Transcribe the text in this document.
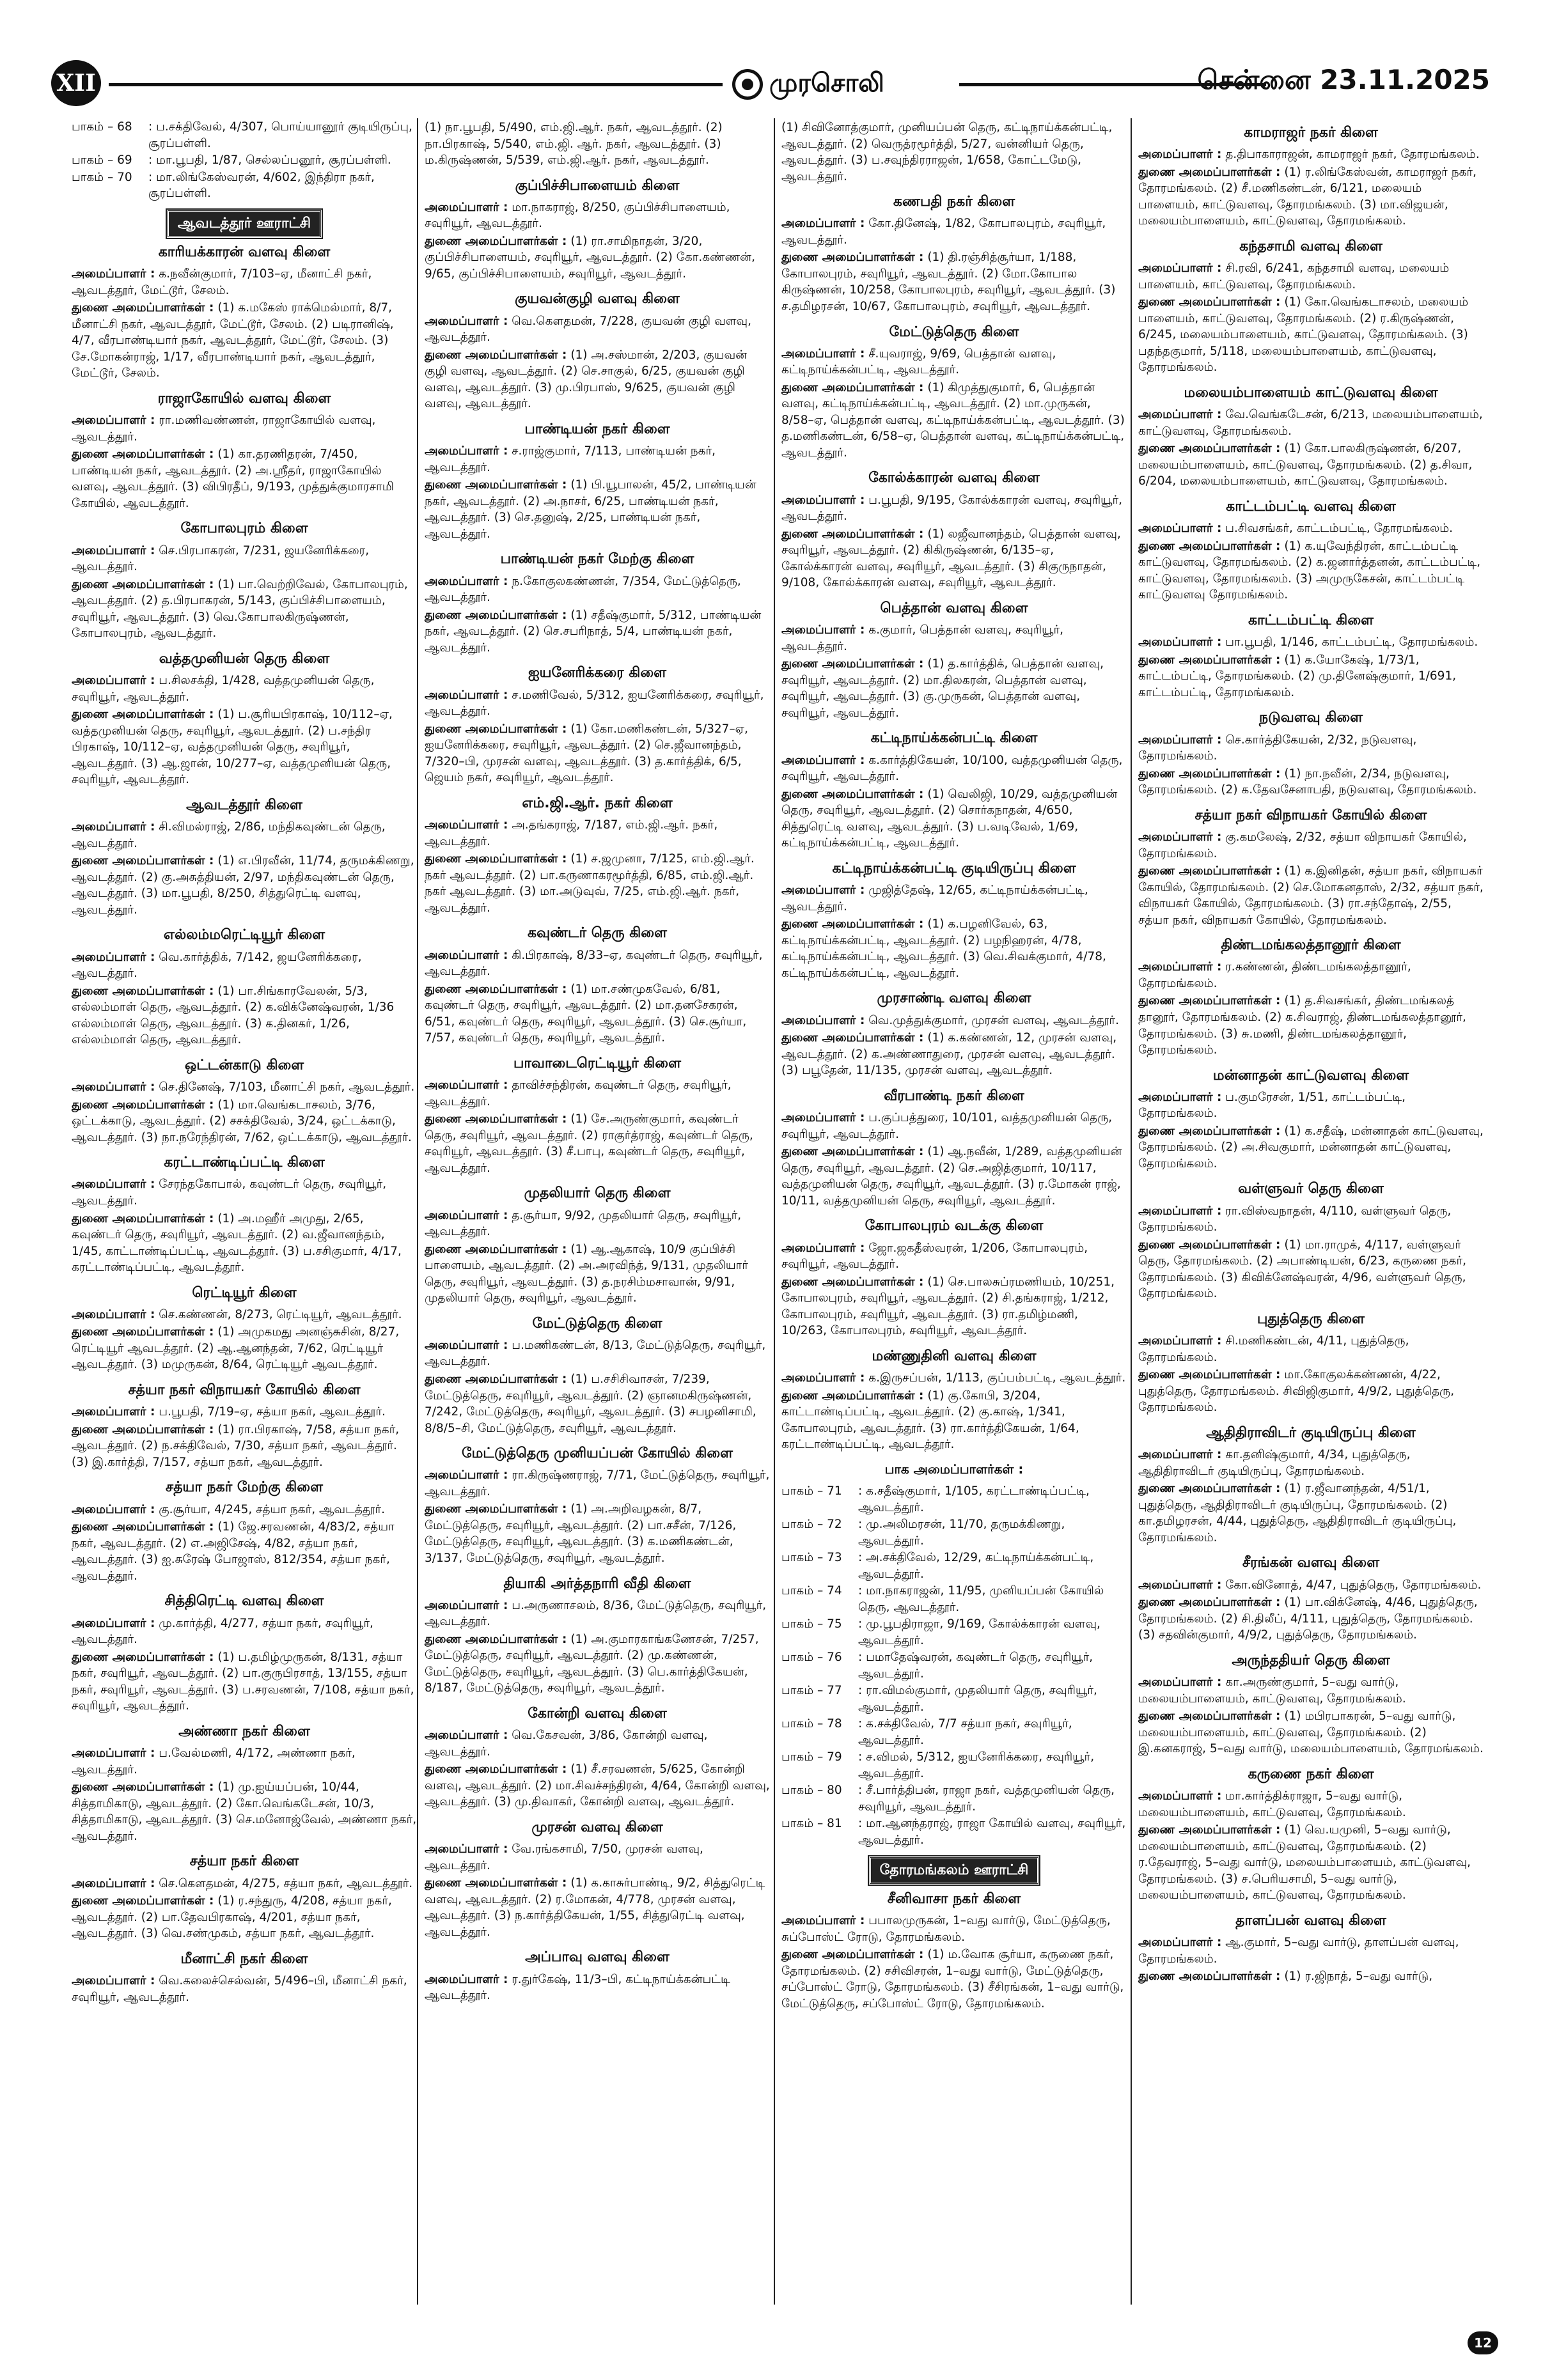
XII	முரசொலி	சென்னை 23.11.2025
பாகம் – 68	: ப.சக்திவேல், 4/307, பொய்யானூர் குடியிருப்பு, சூரப்பள்ளி.
பாகம் – 69	: மா.பூபதி, 1/87, செல்லப்பனூர், சூரப்பள்ளி.
பாகம் – 70	: மா.லிங்கேஸ்வரன், 4/602, இந்திரா நகர், சூரப்பள்ளி.
ஆவடத்தூர் ஊராட்சி
காரியக்காரன் வளவு கிளை
அமைப்பாளர் : க.நவீன்குமார், 7/103–ஏ, மீனாட்சி நகர், ஆவடத்தூர், மேட்டூர், சேலம்.
துணை அமைப்பாளர்கள் : (1) க.மகேஸ் ராக்மெல்மார், 8/7, மீனாட்சி நகர், ஆவடத்தூர், மேட்டூர், சேலம். (2) படிரானிஷ், 4/7, வீரபாண்டியார் நகர், ஆவடத்தூர், மேட்டூர், சேலம். (3) சே.மோகன்ராஜ், 1/17, வீரபாண்டியார் நகர், ஆவடத்தூர், மேட்டூர், சேலம்.
ராஜாகோயில் வளவு கிளை
அமைப்பாளர் : ரா.மணிவண்ணன், ராஜாகோயில் வளவு, ஆவடத்தூர்.
துணை அமைப்பாளர்கள் : (1) கா.தரணிதரன், 7/450, பாண்டியன் நகர், ஆவடத்தூர். (2) அ.ஸ்ரீதர், ராஜாகோயில் வளவு, ஆவடத்தூர். (3) விபிரதீப், 9/193, முத்துக்குமாரசாமி கோயில், ஆவடத்தூர்.
கோபாலபுரம் கிளை
அமைப்பாளர் : செ.பிரபாகரன், 7/231, ஜயனேரிக்கரை, ஆவடத்தூர்.
துணை அமைப்பாளர்கள் : (1) பா.வெற்றிவேல், கோபாலபுரம், ஆவடத்தூர். (2) த.பிரபாகரன், 5/143, குப்பிச்சிபாளையம், சவுரியூர், ஆவடத்தூர். (3) வெ.கோபாலகிருஷ்ணன், கோபாலபுரம், ஆவடத்தூர்.
வத்தமுனியன் தெரு கிளை
அமைப்பாளர் : ப.சிலசக்தி, 1/428, வத்தமுனியன் தெரு, சவுரியூர், ஆவடத்தூர்.
துணை அமைப்பாளர்கள் : (1) ப.சூரியபிரகாஷ், 10/112–ஏ, வத்தமுனியன் தெரு, சவுரியூர், ஆவடத்தூர். (2) ப.சந்திர பிரகாஷ், 10/112–ஏ, வத்தமுனியன் தெரு, சவுரியூர், ஆவடத்தூர். (3) ஆ.ஜான், 10/277–ஏ, வத்தமுனியன் தெரு, சவுரியூர், ஆவடத்தூர்.
ஆவடத்தூர் கிளை
அமைப்பாளர் : சி.விமல்ராஜ், 2/86, மந்திகவுண்டன் தெரு, ஆவடத்தூர்.
துணை அமைப்பாளர்கள் : (1) எ.பிரவீன், 11/74, தருமக்கிணறு, ஆவடத்தூர். (2) கு.அசுத்தியன், 2/97, மந்திகவுண்டன் தெரு, ஆவடத்தூர். (3) மா.பூபதி, 8/250, சித்துரெட்டி வளவு, ஆவடத்தூர்.
எல்லம்மரெட்டியூர் கிளை
அமைப்பாளர் : வெ.கார்த்திக், 7/142, ஜயனேரிக்கரை, ஆவடத்தூர்.
துணை அமைப்பாளர்கள் : (1) பா.சிங்காரவேலன், 5/3, எல்லம்மாள் தெரு, ஆவடத்தூர். (2) க.விக்னேஷ்வரன், 1/36 எல்லம்மாள் தெரு, ஆவடத்தூர். (3) க.தினகர், 1/26, எல்லம்மாள் தெரு, ஆவடத்தூர்.
ஒட்டன்காடு கிளை
அமைப்பாளர் : செ.தினேஷ், 7/103, மீனாட்சி நகர், ஆவடத்தூர்.
துணை அமைப்பாளர்கள் : (1) மா.வெங்கடாசலம், 3/76, ஒட்டக்காடு, ஆவடத்தூர். (2) சசக்திவேல், 3/24, ஒட்டக்காடு, ஆவடத்தூர். (3) நா.நரேந்திரன், 7/62, ஒட்டக்காடு, ஆவடத்தூர்.
கரட்டாண்டிப்பட்டி கிளை
அமைப்பாளர் : சேரந்தகோபால், கவுண்டர் தெரு, சவுரியூர், ஆவடத்தூர்.
துணை அமைப்பாளர்கள் : (1) அ.மஹீர் அமுது, 2/65, கவுண்டர் தெரு, சவுரியூர், ஆவடத்தூர். (2) வ.ஜீவானந்தம், 1/45, காட்டாண்டிப்பட்டி, ஆவடத்தூர். (3) ப.சசிகுமார், 4/17, கரட்டாண்டிப்பட்டி, ஆவடத்தூர்.
ரெட்டியூர் கிளை
அமைப்பாளர் : செ.கண்ணன், 8/273, ரெட்டியூர், ஆவடத்தூர்.
துணை அமைப்பாளர்கள் : (1) அமுகமது அனஞ்சுசின், 8/27, ரெட்டியூர் ஆவடத்தூர். (2) ஆ.ஆனந்தன், 7/62, ரெட்டியூர் ஆவடத்தூர். (3) மமுருகன், 8/64, ரெட்டியூர் ஆவடத்தூர்.
சத்யா நகர் விநாயகர் கோயில் கிளை
அமைப்பாளர் : ப.பூபதி, 7/19–ஏ, சத்யா நகர், ஆவடத்தூர்.
துணை அமைப்பாளர்கள் : (1) ரா.பிரகாஷ், 7/58, சத்யா நகர், ஆவடத்தூர். (2) ந.சக்திவேல், 7/30, சத்யா நகர், ஆவடத்தூர். (3) இ.கார்த்தி, 7/157, சத்யா நகர், ஆவடத்தூர்.
சத்யா நகர் மேற்கு கிளை
அமைப்பாளர் : கு.சூர்யா, 4/245, சத்யா நகர், ஆவடத்தூர்.
துணை அமைப்பாளர்கள் : (1) ஜே.சரவணன், 4/83/2, சத்யா நகர், ஆவடத்தூர். (2) எ.அஜிசேஷ், 4/82, சத்யா நகர், ஆவடத்தூர். (3) ஐ.சுரேஷ் போஜாஸ், 812/354, சத்யா நகர், ஆவடத்தூர்.
சித்திரெட்டி வளவு கிளை
அமைப்பாளர் : மு.கார்த்தி, 4/277, சத்யா நகர், சவுரியூர், ஆவடத்தூர்.
துணை அமைப்பாளர்கள் : (1) ப.தமிழ்முருகன், 8/131, சத்யா நகர், சவுரியூர், ஆவடத்தூர். (2) பா.குருபிரசாத், 13/155, சத்யா நகர், சவுரியூர், ஆவடத்தூர். (3) ப.சரவணன், 7/108, சத்யா நகர், சவுரியூர், ஆவடத்தூர்.
அண்ணா நகர் கிளை
அமைப்பாளர் : ப.வேல்மணி, 4/172, அண்ணா நகர், ஆவடத்தூர்.
துணை அமைப்பாளர்கள் : (1) மு.ஐய்யப்பன், 10/44, சித்தாமிகாடு, ஆவடத்தூர். (2) கோ.வெங்கடேசன், 10/3, சித்தாமிகாடு, ஆவடத்தூர். (3) செ.மனோஜ்வேல், அண்ணா நகர், ஆவடத்தூர்.
சத்யா நகர் கிளை
அமைப்பாளர் : செ.கெளதமன், 4/275, சத்யா நகர், ஆவடத்தூர்.
துணை அமைப்பாளர்கள் : (1) ர.சந்துரு, 4/208, சத்யா நகர், ஆவடத்தூர். (2) பா.தேவபிரகாஷ், 4/201, சத்யா நகர், ஆவடத்தூர். (3) வெ.சண்முகம், சத்யா நகர், ஆவடத்தூர்.
மீனாட்சி நகர் கிளை
அமைப்பாளர் : வெ.கலைச்செல்வன், 5/496–பி, மீனாட்சி நகர், சவுரியூர், ஆவடத்தூர்.
(1) நா.பூபதி, 5/490, எம்.ஜி.ஆர். நகர், ஆவடத்தூர். (2) நா.பிரகாஷ், 5/540, எம்.ஜி. ஆர். நகர், ஆவடத்தூர். (3) ம.கிருஷ்ணன், 5/539, எம்.ஜி.ஆர். நகர், ஆவடத்தூர்.
குப்பிச்சிபாளையம் கிளை
அமைப்பாளர் : மா.நாகராஜ், 8/250, குப்பிச்சிபாளையம், சவுரியூர், ஆவடத்தூர்.
துணை அமைப்பாளர்கள் : (1) ரா.சாமிநாதன், 3/20, குப்பிச்சிபாளையம், சவுரியூர், ஆவடத்தூர். (2) கோ.கண்ணன், 9/65, குப்பிச்சிபாளையம், சவுரியூர், ஆவடத்தூர்.
குயவன்குழி வளவு கிளை
அமைப்பாளர் : வெ.கெளதமன், 7/228, குயவன் குழி வளவு, ஆவடத்தூர்.
துணை அமைப்பாளர்கள் : (1) அ.சஸ்மான், 2/203, குயவன் குழி வளவு, ஆவடத்தூர். (2) செ.சாகுல், 6/25, குயவன் குழி வளவு, ஆவடத்தூர். (3) மு.பிரபாஸ், 9/625, குயவன் குழி வளவு, ஆவடத்தூர்.
பாண்டியன் நகர் கிளை
அமைப்பாளர் : ச.ராஜ்குமார், 7/113, பாண்டியன் நகர், ஆவடத்தூர்.
துணை அமைப்பாளர்கள் : (1) பி.யூபாலன், 45/2, பாண்டியன் நகர், ஆவடத்தூர். (2) அ.நாசர், 6/25, பாண்டியன் நகர், ஆவடத்தூர். (3) செ.தனுஷ், 2/25, பாண்டியன் நகர், ஆவடத்தூர்.
பாண்டியன் நகர் மேற்கு கிளை
அமைப்பாளர் : ந.கோகுலகண்ணன், 7/354, மேட்டுத்தெரு, ஆவடத்தூர்.
துணை அமைப்பாளர்கள் : (1) சதீஷ்குமார், 5/312, பாண்டியன் நகர், ஆவடத்தூர். (2) செ.சபரிநாத், 5/4, பாண்டியன் நகர், ஆவடத்தூர்.
ஐயனேரிக்கரை கிளை
அமைப்பாளர் : ச.மணிவேல், 5/312, ஐயனேரிக்கரை, சவுரியூர், ஆவடத்தூர்.
துணை அமைப்பாளர்கள் : (1) கோ.மணிகண்டன், 5/327–ஏ, ஐயனேரிக்கரை, சவுரியூர், ஆவடத்தூர். (2) செ.ஜீவானந்தம், 7/320–பி, முரசன் வளவு, ஆவடத்தூர். (3) த.கார்த்திக், 6/5, ஜெயம் நகர், சவுரியூர், ஆவடத்தூர்.
எம்.ஜி.ஆர். நகர் கிளை
அமைப்பாளர் : அ.தங்கராஜ், 7/187, எம்.ஜி.ஆர். நகர், ஆவடத்தூர்.
துணை அமைப்பாளர்கள் : (1) ச.ஜமுனா, 7/125, எம்.ஜி.ஆர். நகர் ஆவடத்தூர். (2) பா.கருணாகரமூர்த்தி, 6/85, எம்.ஜி.ஆர். நகர் ஆவடத்தூர். (3) மா.அடுவுவ், 7/25, எம்.ஜி.ஆர். நகர், ஆவடத்தூர்.
கவுண்டர் தெரு கிளை
அமைப்பாளர் : கி.பிரகாஷ், 8/33–ஏ, கவுண்டர் தெரு, சவுரியூர், ஆவடத்தூர்.
துணை அமைப்பாளர்கள் : (1) மா.சண்முகவேல், 6/81, கவுண்டர் தெரு, சவுரியூர், ஆவடத்தூர். (2) மா.தனசேகரன், 6/51, கவுண்டர் தெரு, சவுரியூர், ஆவடத்தூர். (3) செ.சூர்யா, 7/57, கவுண்டர் தெரு, சவுரியூர், ஆவடத்தூர்.
பாவாடைரெட்டியூர் கிளை
அமைப்பாளர் : தாவிச்சந்திரன், கவுண்டர் தெரு, சவுரியூர், ஆவடத்தூர்.
துணை அமைப்பாளர்கள் : (1) சே.அருண்குமார், கவுண்டர் தெரு, சவுரியூர், ஆவடத்தூர். (2) ராகுர்த்ராஜ், கவுண்டர் தெரு, சவுரியூர், ஆவடத்தூர். (3) சீ.பாபு, கவுண்டர் தெரு, சவுரியூர், ஆவடத்தூர்.
முதலியார் தெரு கிளை
அமைப்பாளர் : த.சூர்யா, 9/92, முதலியார் தெரு, சவுரியூர், ஆவடத்தூர்.
துணை அமைப்பாளர்கள் : (1) ஆ.ஆகாஷ், 10/9 குப்பிச்சி பாளையம், ஆவடத்தூர். (2) அ.அரவிந்த், 9/131, முதலியார் தெரு, சவுரியூர், ஆவடத்தூர். (3) த.நரசிம்மசாவான், 9/91, முதலியார் தெரு, சவுரியூர், ஆவடத்தூர்.
மேட்டுத்தெரு கிளை
அமைப்பாளர் : ப.மணிகண்டன், 8/13, மேட்டுத்தெரு, சவுரியூர், ஆவடத்தூர்.
துணை அமைப்பாளர்கள் : (1) ப.சசிசிவாசன், 7/239, மேட்டுத்தெரு, சவுரியூர், ஆவடத்தூர். (2) ஞானமகிருஷ்ணன், 7/242, மேட்டுத்தெரு, சவுரியூர், ஆவடத்தூர். (3) சபழனிசாமி, 8/8/5–சி, மேட்டுத்தெரு, சவுரியூர், ஆவடத்தூர்.
மேட்டுத்தெரு முனியப்பன் கோயில் கிளை
அமைப்பாளர் : ரா.கிருஷ்ணராஜ், 7/71, மேட்டுத்தெரு, சவுரியூர், ஆவடத்தூர்.
துணை அமைப்பாளர்கள் : (1) அ.அறிவழகன், 8/7, மேட்டுத்தெரு, சவுரியூர், ஆவடத்தூர். (2) பா.சசீன், 7/126, மேட்டுத்தெரு, சவுரியூர், ஆவடத்தூர். (3) க.மணிகண்டன், 3/137, மேட்டுத்தெரு, சவுரியூர், ஆவடத்தூர்.
தியாகி அர்த்தநாரி வீதி கிளை
அமைப்பாளர் : ப.அருணாசலம், 8/36, மேட்டுத்தெரு, சவுரியூர், ஆவடத்தூர்.
துணை அமைப்பாளர்கள் : (1) அ.குமாரகாங்கணேசன், 7/257, மேட்டுத்தெரு, சவுரியூர், ஆவடத்தூர். (2) மு.கண்ணன், மேட்டுத்தெரு, சவுரியூர், ஆவடத்தூர். (3) பெ.கார்த்திகேயன், 8/187, மேட்டுத்தெரு, சவுரியூர், ஆவடத்தூர்.
கோன்றி வளவு கிளை
அமைப்பாளர் : வெ.கேசவன், 3/86, கோன்றி வளவு, ஆவடத்தூர்.
துணை அமைப்பாளர்கள் : (1) சீ.சரவணன், 5/625, கோன்றி வளவு, ஆவடத்தூர். (2) மா.சிவச்சந்திரன், 4/64, கோன்றி வளவு, ஆவடத்தூர். (3) மு.திவாகர், கோன்றி வளவு, ஆவடத்தூர்.
முரசன் வளவு கிளை
அமைப்பாளர் : வே.ரங்கசாமி, 7/50, முரசன் வளவு, ஆவடத்தூர்.
துணை அமைப்பாளர்கள் : (1) க.காசுர்பாண்டி, 9/2, சித்துரெட்டி வளவு, ஆவடத்தூர். (2) ர.மோகன், 4/778, முரசன் வளவு, ஆவடத்தூர். (3) ந.கார்த்திகேயன், 1/55, சித்துரெட்டி வளவு, ஆவடத்தூர்.
அப்பாவு வளவு கிளை
அமைப்பாளர் : ர.துர்கேஷ், 11/3–பி, கட்டிநாய்க்கன்பட்டி ஆவடத்தூர்.
(1) சிவினோத்குமார், முனியப்பன் தெரு, கட்டிநாய்க்கன்பட்டி, ஆவடத்தூர். (2) வெருத்ரமூர்த்தி, 5/27, வன்னியர் தெரு, ஆவடத்தூர். (3) ப.சவுந்திரராஜன், 1/658, கோட்டமேடு, ஆவடத்தூர்.
கணபதி நகர் கிளை
அமைப்பாளர் : கோ.தினேஷ், 1/82, கோபாலபுரம், சவுரியூர், ஆவடத்தூர்.
துணை அமைப்பாளர்கள் : (1) தி.ரஞ்சித்சூர்யா, 1/188, கோபாலபுரம், சவுரியூர், ஆவடத்தூர். (2) மோ.கோபால கிருஷ்ணன், 10/258, கோபாலபுரம், சவுரியூர், ஆவடத்தூர். (3) ச.தமிழரசன், 10/67, கோபாலபுரம், சவுரியூர், ஆவடத்தூர்.
மேட்டுத்தெரு கிளை
அமைப்பாளர் : சீ.யுவராஜ், 9/69, பெத்தான் வளவு, கட்டிநாய்க்கன்பட்டி, ஆவடத்தூர்.
துணை அமைப்பாளர்கள் : (1) கிமுத்துகுமார், 6, பெத்தான் வளவு, கட்டிநாய்க்கன்பட்டி, ஆவடத்தூர். (2) மா.முருகன், 8/58–ஏ, பெத்தான் வளவு, கட்டிநாய்க்கன்பட்டி, ஆவடத்தூர். (3) த.மணிகண்டன், 6/58–ஏ, பெத்தான் வளவு, கட்டிநாய்க்கன்பட்டி, ஆவடத்தூர்.
கோல்க்காரன் வளவு கிளை
அமைப்பாளர் : ப.பூபதி, 9/195, கோல்க்காரன் வளவு, சவுரியூர், ஆவடத்தூர்.
துணை அமைப்பாளர்கள் : (1) லஜீவானந்தம், பெத்தான் வளவு, சவுரியூர், ஆவடத்தூர். (2) கிகிருஷ்ணன், 6/135–ஏ, கோல்க்காரன் வளவு, சவுரியூர், ஆவடத்தூர். (3) சிகுருநாதன், 9/108, கோல்க்காரன் வளவு, சவுரியூர், ஆவடத்தூர்.
பெத்தான் வளவு கிளை
அமைப்பாளர் : க.குமார், பெத்தான் வளவு, சவுரியூர், ஆவடத்தூர்.
துணை அமைப்பாளர்கள் : (1) த.கார்த்திக், பெத்தான் வளவு, சவுரியூர், ஆவடத்தூர். (2) மா.திலகரன், பெத்தான் வளவு, சவுரியூர், ஆவடத்தூர். (3) கு.முருகன், பெத்தான் வளவு, சவுரியூர், ஆவடத்தூர்.
கட்டிநாய்க்கன்பட்டி கிளை
அமைப்பாளர் : க.கார்த்திகேயன், 10/100, வத்தமுனியன் தெரு, சவுரியூர், ஆவடத்தூர்.
துணை அமைப்பாளர்கள் : (1) வெலிஜி, 10/29, வத்தமுனியன் தெரு, சவுரியூர், ஆவடத்தூர். (2) சொர்கநாதன், 4/650, சித்துரெட்டி வளவு, ஆவடத்தூர். (3) ப.வடிவேல், 1/69, கட்டிநாய்க்கன்பட்டி, ஆவடத்தூர்.
கட்டிநாய்க்கன்பட்டி குடியிருப்பு கிளை
அமைப்பாளர் : முஜித்தேஷ், 12/65, கட்டிநாய்க்கன்பட்டி, ஆவடத்தூர்.
துணை அமைப்பாளர்கள் : (1) க.பழனிவேல், 63, கட்டிநாய்க்கன்பட்டி, ஆவடத்தூர். (2) பழநிஹரன், 4/78, கட்டிநாய்க்கன்பட்டி, ஆவடத்தூர். (3) வெ.சிவக்குமார், 4/78, கட்டிநாய்க்கன்பட்டி, ஆவடத்தூர்.
முரசாண்டி வளவு கிளை
அமைப்பாளர் : வெ.முத்துக்குமார், முரசன் வளவு, ஆவடத்தூர்.
துணை அமைப்பாளர்கள் : (1) க.கண்ணன், 12, முரசன் வளவு, ஆவடத்தூர். (2) க.அண்ணாதுரை, முரசன் வளவு, ஆவடத்தூர். (3) பபூதேன், 11/135, முரசன் வளவு, ஆவடத்தூர்.
வீரபாண்டி நகர் கிளை
அமைப்பாளர் : ப.குப்பத்துரை, 10/101, வத்தமுனியன் தெரு, சவுரியூர், ஆவடத்தூர்.
துணை அமைப்பாளர்கள் : (1) ஆ.நவீன், 1/289, வத்தமுனியன் தெரு, சவுரியூர், ஆவடத்தூர். (2) செ.அஜித்குமார், 10/117, வத்தமுனியன் தெரு, சவுரியூர், ஆவடத்தூர். (3) ர.மோகன் ராஜ், 10/11, வத்தமுனியன் தெரு, சவுரியூர், ஆவடத்தூர்.
கோபாலபுரம் வடக்கு கிளை
அமைப்பாளர் : ஜோ.ஜகதீஸ்வரன், 1/206, கோபாலபுரம், சவுரியூர், ஆவடத்தூர்.
துணை அமைப்பாளர்கள் : (1) செ.பாலசுப்ரமணியம், 10/251, கோபாலபுரம், சவுரியூர், ஆவடத்தூர். (2) சி.தங்கராஜ், 1/212, கோபாலபுரம், சவுரியூர், ஆவடத்தூர். (3) ரா.தமிழ்மணி, 10/263, கோபாலபுரம், சவுரியூர், ஆவடத்தூர்.
மண்ணுதினி வளவு கிளை
அமைப்பாளர் : க.இருசப்பன், 1/113, குப்பம்பட்டி, ஆவடத்தூர்.
துணை அமைப்பாளர்கள் : (1) கு.கோபி, 3/204, காட்டாண்டிப்பட்டி, ஆவடத்தூர். (2) கு.காஷ், 1/341, கோபாலபுரம், ஆவடத்தூர். (3) ரா.கார்த்திகேயன், 1/64, கரட்டாண்டிப்பட்டி, ஆவடத்தூர்.
பாக அமைப்பாளர்கள் :
பாகம் – 71	: க.சதீஷ்குமார், 1/105, கரட்டாண்டிப்பட்டி, ஆவடத்தூர்.
பாகம் – 72	: மு.அலிமரசன், 11/70, தருமக்கிணறு, ஆவடத்தூர்.
பாகம் – 73	: அ.சக்திவேல், 12/29, கட்டிநாய்க்கன்பட்டி, ஆவடத்தூர்.
பாகம் – 74	: மா.நாகராஜன், 11/95, முனியப்பன் கோயில் தெரு, ஆவடத்தூர்.
பாகம் – 75	: மு.பூபதிராஜா, 9/169, கோல்க்காரன் வளவு, ஆவடத்தூர்.
பாகம் – 76	: பமாதேஷ்வரன், கவுண்டர் தெரு, சவுரியூர், ஆவடத்தூர்.
பாகம் – 77	: ரா.விமல்குமார், முதலியார் தெரு, சவுரியூர், ஆவடத்தூர்.
பாகம் – 78	: க.சக்திவேல், 7/7 சத்யா நகர், சவுரியூர், ஆவடத்தூர்.
பாகம் – 79	: ச.விமல், 5/312, ஐயனேரிக்கரை, சவுரியூர், ஆவடத்தூர்.
பாகம் – 80	: சீ.பார்த்திபன், ராஜா நகர், வத்தமுனியன் தெரு, சவுரியூர், ஆவடத்தூர்.
பாகம் – 81	: மா.ஆனந்தராஜ், ராஜா கோயில் வளவு, சவுரியூர், ஆவடத்தூர்.
தோரமங்கலம் ஊராட்சி
சீனிவாசா நகர் கிளை
அமைப்பாளர் : பபாலமுருகன், 1–வது வார்டு, மேட்டுத்தெரு, சுப்போஸ்ட் ரோடு, தோரமங்கலம்.
துணை அமைப்பாளர்கள் : (1) ம.வோக சூர்யா, கருணை நகர், தோரமங்கலம். (2) சசிவிசரன், 1–வது வார்டு, மேட்டுத்தெரு, சப்போஸ்ட் ரோடு, தோரமங்கலம். (3) சீசிரங்கன், 1–வது வார்டு, மேட்டுத்தெரு, சப்போஸ்ட் ரோடு, தோரமங்கலம்.
காமராஜர் நகர் கிளை
அமைப்பாளர் : த.திபாகாராஜன், காமராஜர் நகர், தோரமங்கலம்.
துணை அமைப்பாளர்கள் : (1) ர.லிங்கேஸ்வன், காமராஜர் நகர், தோரமங்கலம். (2) சீ.மணிகண்டன், 6/121, மலையம் பாளையம், காட்டுவளவு, தோரமங்கலம். (3) மா.விஜயன், மலையம்பாளையம், காட்டுவளவு, தோரமங்கலம்.
கந்தசாமி வளவு கிளை
அமைப்பாளர் : சி.ரவி, 6/241, கந்தசாமி வளவு, மலையம் பாளையம், காட்டுவளவு, தோரமங்கலம்.
துணை அமைப்பாளர்கள் : (1) கோ.வெங்கடாசலம், மலையம் பாளையம், காட்டுவளவு, தோரமங்கலம். (2) ர.கிருஷ்ணன், 6/245, மலையம்பாளையம், காட்டுவளவு, தோரமங்கலம். (3) பதந்தகுமார், 5/118, மலையம்பாளையம், காட்டுவளவு, தோரமங்கலம்.
மலையம்பாளையம் காட்டுவளவு கிளை
அமைப்பாளர் : வே.வெங்கடேசன், 6/213, மலையம்பாளையம், காட்டுவளவு, தோரமங்கலம்.
துணை அமைப்பாளர்கள் : (1) கோ.பாலகிருஷ்ணன், 6/207, மலையம்பாளையம், காட்டுவளவு, தோரமங்கலம். (2) த.சிவா, 6/204, மலையம்பாளையம், காட்டுவளவு, தோரமங்கலம்.
காட்டம்பட்டி வளவு கிளை
அமைப்பாளர் : ப.சிவசங்கர், காட்டம்பட்டி, தோரமங்கலம்.
துணை அமைப்பாளர்கள் : (1) க.யுவேந்திரன், காட்டம்பட்டி காட்டுவளவு, தோரமங்கலம். (2) க.ஜனார்த்தனன், காட்டம்பட்டி, காட்டுவளவு, தோரமங்கலம். (3) அமுருகேசன், காட்டம்பட்டி காட்டுவளவு தோரமங்கலம்.
காட்டம்பட்டி கிளை
அமைப்பாளர் : பா.பூபதி, 1/146, காட்டம்பட்டி, தோரமங்கலம்.
துணை அமைப்பாளர்கள் : (1) க.யோகேஷ், 1/73/1, காட்டம்பட்டி, தோரமங்கலம். (2) மு.தினேஷ்குமார், 1/691, காட்டம்பட்டி, தோரமங்கலம்.
நடுவளவு கிளை
அமைப்பாளர் : செ.கார்த்திகேயன், 2/32, நடுவளவு, தோரமங்கலம்.
துணை அமைப்பாளர்கள் : (1) நா.நவீன், 2/34, நடுவளவு, தோரமங்கலம். (2) க.தேவசேனாபதி, நடுவளவு, தோரமங்கலம்.
சத்யா நகர் விநாயகர் கோயில் கிளை
அமைப்பாளர் : கு.கமலேஷ், 2/32, சத்யா விநாயகர் கோயில், தோரமங்கலம்.
துணை அமைப்பாளர்கள் : (1) க.இனிதன், சத்யா நகர், விநாயகர் கோயில், தோரமங்கலம். (2) செ.மோகனதாஸ், 2/32, சத்யா நகர், விநாயகர் கோயில், தோரமங்கலம். (3) ரா.சந்தோஷ், 2/55, சத்யா நகர், விநாயகர் கோயில், தோரமங்கலம்.
திண்டமங்கலத்தானூர் கிளை
அமைப்பாளர் : ர.கண்ணன், திண்டமங்கலத்தானூர், தோரமங்கலம்.
துணை அமைப்பாளர்கள் : (1) த.சிவசங்கர், திண்டமங்கலத் தானூர், தோரமங்கலம். (2) க.சிவராஜ், திண்டமங்கலத்தானூர், தோரமங்கலம். (3) சு.மணி, திண்டமங்கலத்தானூர், தோரமங்கலம்.
மன்னாதன் காட்டுவளவு கிளை
அமைப்பாளர் : ப.குமரேசன், 1/51, காட்டம்பட்டி, தோரமங்கலம்.
துணை அமைப்பாளர்கள் : (1) க.சதீஷ், மன்னாதன் காட்டுவளவு, தோரமங்கலம். (2) அ.சிவகுமார், மன்னாதன் காட்டுவளவு, தோரமங்கலம்.
வள்ளுவர் தெரு கிளை
அமைப்பாளர் : ரா.விஸ்வநாதன், 4/110, வள்ளுவர் தெரு, தோரமங்கலம்.
துணை அமைப்பாளர்கள் : (1) மா.ராமுக், 4/117, வள்ளுவர் தெரு, தோரமங்கலம். (2) அபாண்டியன், 6/23, கருணை நகர், தோரமங்கலம். (3) கிவிக்னேஷ்வரன், 4/96, வள்ளுவர் தெரு, தோரமங்கலம்.
புதுத்தெரு கிளை
அமைப்பாளர் : சி.மணிகண்டன், 4/11, புதுத்தெரு, தோரமங்கலம்.
துணை அமைப்பாளர்கள் : மா.கோகுலக்கண்ணன், 4/22, புதுத்தெரு, தோரமங்கலம். சிவிஜிகுமார், 4/9/2, புதுத்தெரு, தோரமங்கலம்.
ஆதிதிராவிடர் குடியிருப்பு கிளை
அமைப்பாளர் : கா.தனிஷ்குமார், 4/34, புதுத்தெரு, ஆதிதிராவிடர் குடியிருப்பு, தோரமங்கலம்.
துணை அமைப்பாளர்கள் : (1) ர.ஜீவானந்தன், 4/51/1, புதுத்தெரு, ஆதிதிராவிடர் குடியிருப்பு, தோரமங்கலம். (2) கா.தமிழரசன், 4/44, புதுத்தெரு, ஆதிதிராவிடர் குடியிருப்பு, தோரமங்கலம்.
சீரங்கன் வளவு கிளை
அமைப்பாளர் : கோ.வினோத், 4/47, புதுத்தெரு, தோரமங்கலம்.
துணை அமைப்பாளர்கள் : (1) பா.விக்னேஷ், 4/46, புதுத்தெரு, தோரமங்கலம். (2) சி.திலீப், 4/111, புதுத்தெரு, தோரமங்கலம். (3) சதவின்குமார், 4/9/2, புதுத்தெரு, தோரமங்கலம்.
அருந்ததியர் தெரு கிளை
அமைப்பாளர் : கா.அருண்குமார், 5–வது வார்டு, மலையம்பாளையம், காட்டுவளவு, தோரமங்கலம்.
துணை அமைப்பாளர்கள் : (1) மபிரபாகரன், 5–வது வார்டு, மலையம்பாளையம், காட்டுவளவு, தோரமங்கலம். (2) இ.கனகராஜ், 5–வது வார்டு, மலையம்பாளையம், தோரமங்கலம்.
கருணை நகர் கிளை
அமைப்பாளர் : மா.கார்த்திக்ராஜா, 5–வது வார்டு, மலையம்பாளையம், காட்டுவளவு, தோரமங்கலம்.
துணை அமைப்பாளர்கள் : (1) வெ.யமுனி, 5–வது வார்டு, மலையம்பாளையம், காட்டுவளவு, தோரமங்கலம். (2) ர.தேவராஜ், 5–வது வார்டு, மலையம்பாளையம், காட்டுவளவு, தோரமங்கலம். (3) ச.பெரியசாமி, 5–வது வார்டு, மலையம்பாளையம், காட்டுவளவு, தோரமங்கலம்.
தாளப்பன் வளவு கிளை
அமைப்பாளர் : ஆ.குமார், 5–வது வார்டு, தாளப்பன் வளவு, தோரமங்கலம்.
துணை அமைப்பாளர்கள் : (1) ர.ஜிநாத், 5–வது வார்டு,
12
